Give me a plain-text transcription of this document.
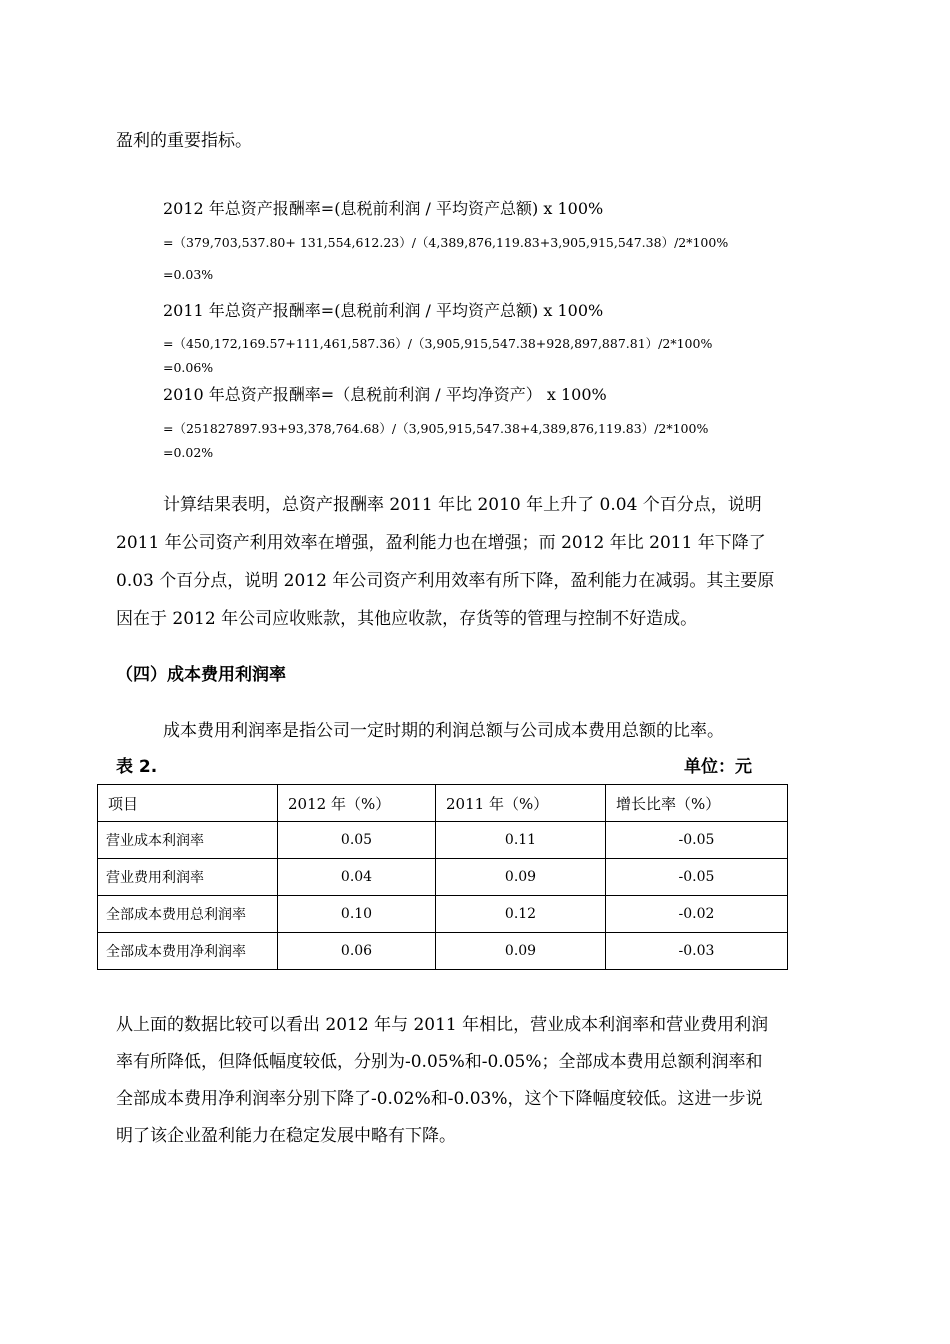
盈利的重要指标。
2012 年总资产报酬率=(息税前利润 / 平均资产总额) x 100%
=（379,703,537.80+ 131,554,612.23）/（4,389,876,119.83+3,905,915,547.38）/2*100%
=0.03%
2011 年总资产报酬率=(息税前利润 / 平均资产总额) x 100%
=（450,172,169.57+111,461,587.36）/（3,905,915,547.38+928,897,887.81）/2*100%
=0.06%
2010 年总资产报酬率=（息税前利润 / 平均净资产） x 100%
=（251827897.93+93,378,764.68）/（3,905,915,547.38+4,389,876,119.83）/2*100%
=0.02%
计算结果表明，总资产报酬率 2011 年比 2010 年上升了 0.04 个百分点，说明
2011 年公司资产利用效率在增强，盈利能力也在增强；而 2012 年比 2011 年下降了
0.03 个百分点，说明 2012 年公司资产利用效率有所下降，盈利能力在减弱。其主要原
因在于 2012 年公司应收账款，其他应收款，存货等的管理与控制不好造成。
（四）成本费用利润率
成本费用利润率是指公司一定时期的利润总额与公司成本费用总额的比率。
表 2.	单位：元
项目	2012 年（%）	2011 年（%）	增长比率（%）
营业成本利润率	0.05	0.11	-0.05
营业费用利润率	0.04	0.09	-0.05
全部成本费用总利润率	0.10	0.12	-0.02
全部成本费用净利润率	0.06	0.09	-0.03
从上面的数据比较可以看出 2012 年与 2011 年相比，营业成本利润率和营业费用利润
率有所降低，但降低幅度较低，分别为-0.05%和-0.05%；全部成本费用总额利润率和
全部成本费用净利润率分别下降了-0.02%和-0.03%，这个下降幅度较低。这进一步说
明了该企业盈利能力在稳定发展中略有下降。
